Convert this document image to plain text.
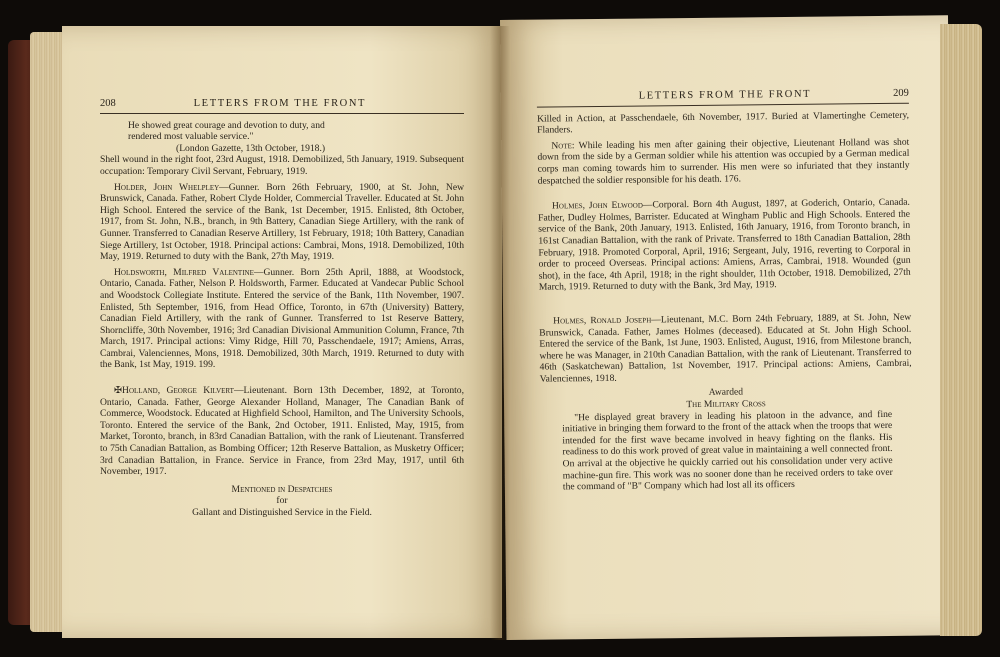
208	LETTERS FROM THE FRONT
He showed great courage and devotion to duty, and
rendered most valuable service."
(London Gazette, 13th October, 1918.)

Shell wound in the right foot, 23rd August, 1918. Demobilized, 5th January, 1919. Subsequent occupation: Temporary Civil Servant, February, 1919.

Holder, John Whelpley—Gunner. Born 26th February, 1900, at St. John, New Brunswick, Canada. Father, Robert Clyde Holder, Commercial Traveller. Educated at St. John High School. Entered the service of the Bank, 1st December, 1915. Enlisted, 8th October, 1917, from St. John, N.B., branch, in 9th Battery, Canadian Siege Artillery, with the rank of Gunner. Transferred to Canadian Reserve Artillery, 1st February, 1918; 10th Battery, Canadian Siege Artillery, 1st October, 1918. Principal actions: Cambrai, Mons, 1918. Demobilized, 10th May, 1919. Returned to duty with the Bank, 27th May, 1919.

Holdsworth, Milfred Valentine—Gunner. Born 25th April, 1888, at Woodstock, Ontario, Canada. Father, Nelson P. Holdsworth, Farmer. Educated at Vandecar Public School and Woodstock Collegiate Institute. Entered the service of the Bank, 11th November, 1907. Enlisted, 5th September, 1916, from Head Office, Toronto, in 67th (University) Battery, Canadian Field Artillery, with the rank of Gunner. Transferred to 1st Reserve Battery, Shorncliffe, 30th November, 1916; 3rd Canadian Divisional Ammunition Column, France, 7th March, 1917. Principal actions: Vimy Ridge, Hill 70, Passchendaele, 1917; Amiens, Arras, Cambrai, Valenciennes, Mons, 1918. Demobilized, 30th March, 1919. Returned to duty with the Bank, 1st May, 1919. 199.

✠Holland, George Kilvert—Lieutenant. Born 13th December, 1892, at Toronto, Ontario, Canada. Father, George Alexander Holland, Manager, The Canadian Bank of Commerce, Woodstock. Educated at Highfield School, Hamilton, and The University Schools, Toronto. Entered the service of the Bank, 2nd October, 1911. Enlisted, May, 1915, from Market, Toronto, branch, in 83rd Canadian Battalion, with the rank of Lieutenant. Transferred to 75th Canadian Battalion, as Bombing Officer; 12th Reserve Battalion, as Musketry Officer; 3rd Canadian Battalion, in France. Service in France, from 23rd May, 1917, until 6th November, 1917.

Mentioned in Despatches
for
Gallant and Distinguished Service in the Field.
LETTERS FROM THE FRONT	209

Killed in Action, at Passchendaele, 6th November, 1917. Buried at Vlamertinghe Cemetery, Flanders.

Note: While leading his men after gaining their objective, Lieutenant Holland was shot down from the side by a German soldier while his attention was occupied by a German medical corps man coming towards him to surrender. His men were so infuriated that they instantly despatched the soldier responsible for his death. 176.

Holmes, John Elwood—Corporal. Born 4th August, 1897, at Goderich, Ontario, Canada. Father, Dudley Holmes, Barrister. Educated at Wingham Public and High Schools. Entered the service of the Bank, 20th January, 1913. Enlisted, 16th January, 1916, from Toronto branch, in 161st Canadian Battalion, with the rank of Private. Transferred to 18th Canadian Battalion, 28th February, 1918. Promoted Corporal, April, 1916; Sergeant, July, 1916, reverting to Corporal in order to proceed Overseas. Principal actions: Amiens, Arras, Cambrai, 1918. Wounded (gun shot), in the face, 4th April, 1918; in the right shoulder, 11th October, 1918. Demobilized, 27th March, 1919. Returned to duty with the Bank, 3rd May, 1919.

Holmes, Ronald Joseph—Lieutenant, M.C. Born 24th February, 1889, at St. John, New Brunswick, Canada. Father, James Holmes (deceased). Educated at St. John High School. Entered the service of the Bank, 1st June, 1903. Enlisted, August, 1916, from Milestone branch, where he was Manager, in 210th Canadian Battalion, with the rank of Lieutenant. Transferred to 46th (Saskatchewan) Battalion, 1st November, 1917. Principal actions: Amiens, Cambrai, Valenciennes, 1918.

Awarded
The Military Cross

"He displayed great bravery in leading his platoon in the advance, and fine initiative in bringing them forward to the front of the attack when the troops that were intended for the first wave became involved in heavy fighting on the flanks. His readiness to do this work proved of great value in maintaining a well connected front. On arrival at the objective he quickly carried out his consolidation under very active machine-gun fire. This work was no sooner done than he received orders to take over the command of "B" Company which had lost all its officers
